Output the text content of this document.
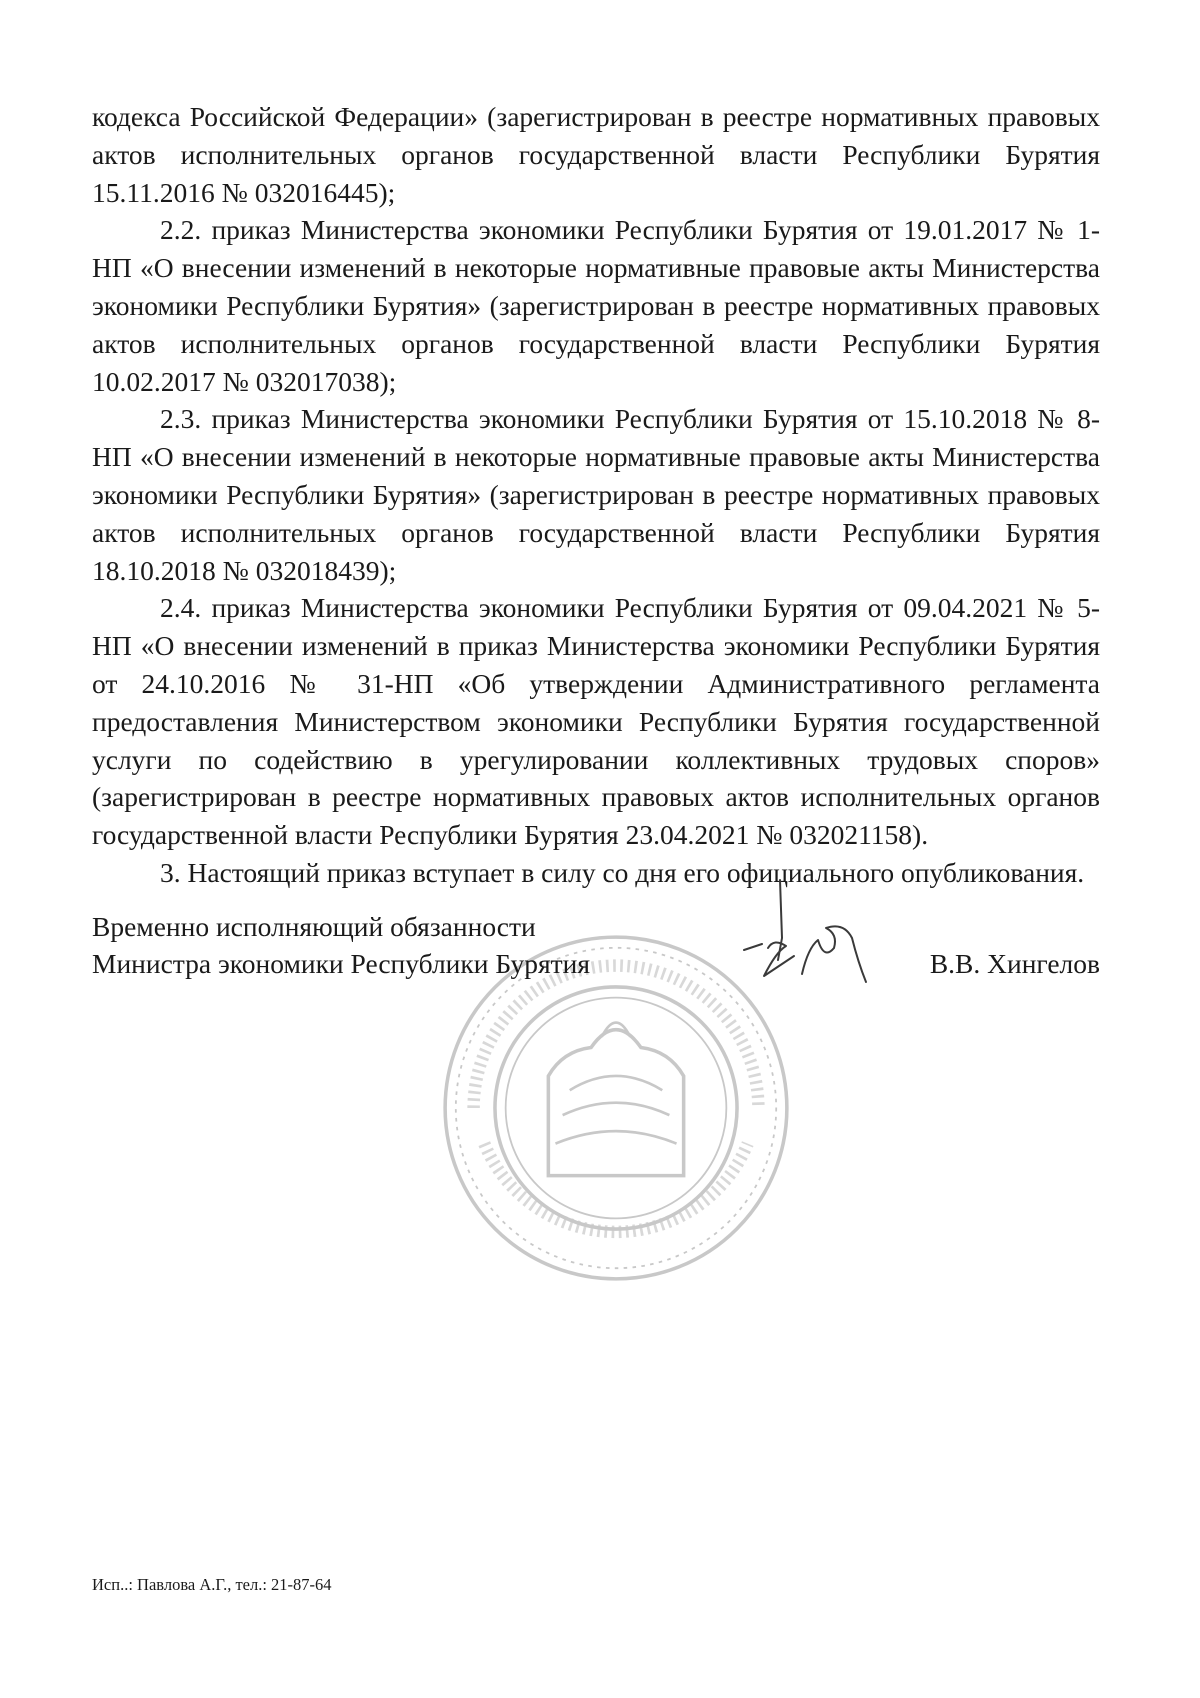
кодекса Российской Федерации» (зарегистрирован в реестре нормативных правовых актов исполнительных органов государственной власти Республики Бурятия 15.11.2016 № 032016445);

2.2. приказ Министерства экономики Республики Бурятия от 19.01.2017 № 1-НП «О внесении изменений в некоторые нормативные правовые акты Министерства экономики Республики Бурятия» (зарегистрирован в реестре нормативных правовых актов исполнительных органов государственной власти Республики Бурятия 10.02.2017 № 032017038);

2.3. приказ Министерства экономики Республики Бурятия от 15.10.2018 № 8-НП «О внесении изменений в некоторые нормативные правовые акты Министерства экономики Республики Бурятия» (зарегистрирован в реестре нормативных правовых актов исполнительных органов государственной власти Республики Бурятия 18.10.2018 № 032018439);

2.4. приказ Министерства экономики Республики Бурятия от 09.04.2021 № 5-НП «О внесении изменений в приказ Министерства экономики Республики Бурятия от 24.10.2016 № 31-НП «Об утверждении Административного регламента предоставления Министерством экономики Республики Бурятия государственной услуги по содействию в урегулировании коллективных трудовых споров» (зарегистрирован в реестре нормативных правовых актов исполнительных органов государственной власти Республики Бурятия 23.04.2021 № 032021158).

3. Настоящий приказ вступает в силу со дня его официального опубликования.

Временно исполняющий обязанности
Министра экономики Республики Бурятия	В.В. Хингелов
Исп..: Павлова А.Г., тел.: 21-87-64
